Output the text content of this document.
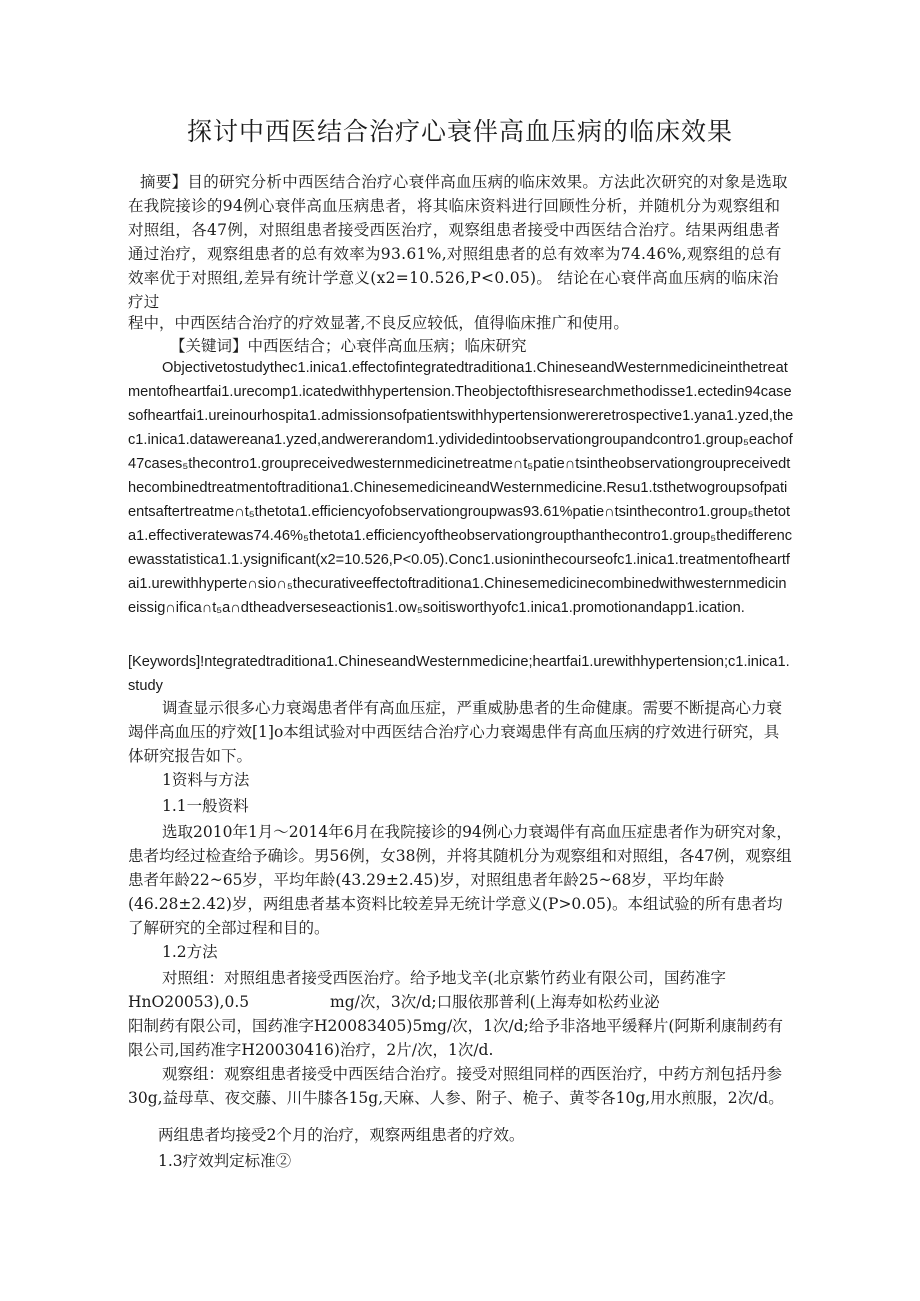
探讨中西医结合治疗心衰伴高血压病的临床效果

摘要】目的研究分析中西医结合治疗心衰伴高血压病的临床效果。方法此次研究的对象是选取在我院接诊的94例心衰伴高血压病患者，将其临床资料进行回顾性分析，并随机分为观察组和对照组，各47例，对照组患者接受西医治疗，观察组患者接受中西医结合治疗。结果两组患者通过治疗，观察组患者的总有效率为93.61%,对照组患者的总有效率为74.46%,观察组的总有效率优于对照组,差异有统计学意义(x2=10.526,P<0.05)。 结论在心衰伴高血压病的临床治疗过

程中，中西医结合治疗的疗效显著,不良反应较低，值得临床推广和使用。

【关键词】中西医结合；心衰伴高血压病；临床研究

Objectivetostudythec1.inica1.effectofintegratedtraditiona1.ChineseandWesternmedicineinthetreatmentofheartfai1.urecomp1.icatedwithhypertension.Theobjectofthisresearchmethodisse1.ectedin94casesofheartfai1.ureinourhospita1.admissionsofpatientswithhypertensionwereretrospective1.yana1.yzed,thec1.inica1.datawereana1.yzed,andwererandom1.ydividedintoobservationgroupandcontro1.group₅eachof47cases₅thecontro1.groupreceivedwesternmedicinetreatme∩t₅patie∩tsintheobservationgroupreceivedthecombinedtreatmentoftraditiona1.ChinesemedicineandWesternmedicine.Resu1.tsthetwogroupsofpatientsaftertreatme∩t₅thetota1.efficiencyofobservationgroupwas93.61%patie∩tsinthecontro1.group₅thetota1.effectiveratewas74.46%₅thetota1.efficiencyoftheobservationgroupthanthecontro1.group₅thedifferencewasstatistica1.1.ysignificant(x2=10.526,P<0.05).Conc1.usioninthecourseofc1.inica1.treatmentofheartfai1.urewithhyperte∩sio∩₅thecurativeeffectoftraditiona1.Chinesemedicinecombinedwithwesternmedicineissig∩ifica∩t₅a∩dtheadverseseactionis1.ow₅soitisworthyofc1.inica1.promotionandapp1.ication.

[Keywords]!ntegratedtraditiona1.ChineseandWesternmedicine;heartfai1.urewithhypertension;c1.inica1.study

调查显示很多心力衰竭患者伴有高血压症，严重威胁患者的生命健康。需要不断提高心力衰竭伴高血压的疗效[1]o本组试验对中西医结合治疗心力衰竭患伴有高血压病的疗效进行研究，具体研究报告如下。

1资料与方法

1.1一般资料

选取2010年1月～2014年6月在我院接诊的94例心力衰竭伴有高血压症患者作为研究对象，患者均经过检查给予确诊。男56例，女38例，并将其随机分为观察组和对照组，各47例，观察组患者年龄22~65岁，平均年龄(43.29±2.45)岁，对照组患者年龄25~68岁，平均年龄(46.28±2.42)岁，两组患者基本资料比较差异无统计学意义(P>0.05)。本组试验的所有患者均了解研究的全部过程和目的。

1.2方法

对照组：对照组患者接受西医治疗。给予地戈辛(北京紫竹药业有限公司，国药准字

HnO20053),0.5	mg/次，3次/d;口服依那普利(上海寿如松药业泌

阳制药有限公司，国药准字H20083405)5mg/次，1次/d;给予非洛地平缓释片(阿斯利康制药有限公司,国药准字H20030416)治疗，2片/次，1次/d.

观察组：观察组患者接受中西医结合治疗。接受对照组同样的西医治疗，中药方剂包括丹参30g,益母草、夜交藤、川牛膝各15g,天麻、人参、附子、桅子、黄苓各10g,用水煎服，2次/d。

两组患者均接受2个月的治疗，观察两组患者的疗效。

1.3疗效判定标准②
